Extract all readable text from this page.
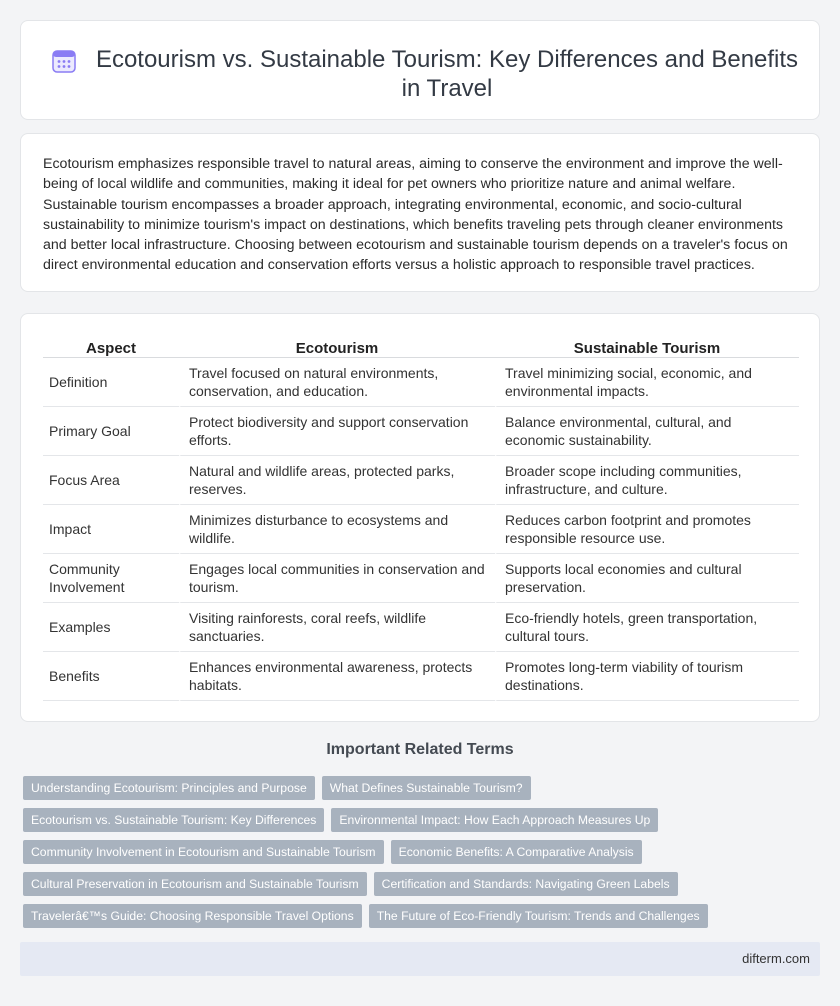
Ecotourism vs. Sustainable Tourism: Key Differences and Benefits in Travel

Ecotourism emphasizes responsible travel to natural areas, aiming to conserve the environment and improve the well-being of local wildlife and communities, making it ideal for pet owners who prioritize nature and animal welfare. Sustainable tourism encompasses a broader approach, integrating environmental, economic, and socio-cultural sustainability to minimize tourism's impact on destinations, which benefits traveling pets through cleaner environments and better local infrastructure. Choosing between ecotourism and sustainable tourism depends on a traveler's focus on direct environmental education and conservation efforts versus a holistic approach to responsible travel practices.

Aspect	Ecotourism	Sustainable Tourism
Definition	Travel focused on natural environments, conservation, and education.	Travel minimizing social, economic, and environmental impacts.
Primary Goal	Protect biodiversity and support conservation efforts.	Balance environmental, cultural, and economic sustainability.
Focus Area	Natural and wildlife areas, protected parks, reserves.	Broader scope including communities, infrastructure, and culture.
Impact	Minimizes disturbance to ecosystems and wildlife.	Reduces carbon footprint and promotes responsible resource use.
Community Involvement	Engages local communities in conservation and tourism.	Supports local economies and cultural preservation.
Examples	Visiting rainforests, coral reefs, wildlife sanctuaries.	Eco-friendly hotels, green transportation, cultural tours.
Benefits	Enhances environmental awareness, protects habitats.	Promotes long-term viability of tourism destinations.
Important Related Terms
Understanding Ecotourism: Principles and Purpose	What Defines Sustainable Tourism?
Ecotourism vs. Sustainable Tourism: Key Differences	Environmental Impact: How Each Approach Measures Up
Community Involvement in Ecotourism and Sustainable Tourism	Economic Benefits: A Comparative Analysis
Cultural Preservation in Ecotourism and Sustainable Tourism	Certification and Standards: Navigating Green Labels
Travelerâ€™s Guide: Choosing Responsible Travel Options	The Future of Eco-Friendly Tourism: Trends and Challenges
difterm.com
